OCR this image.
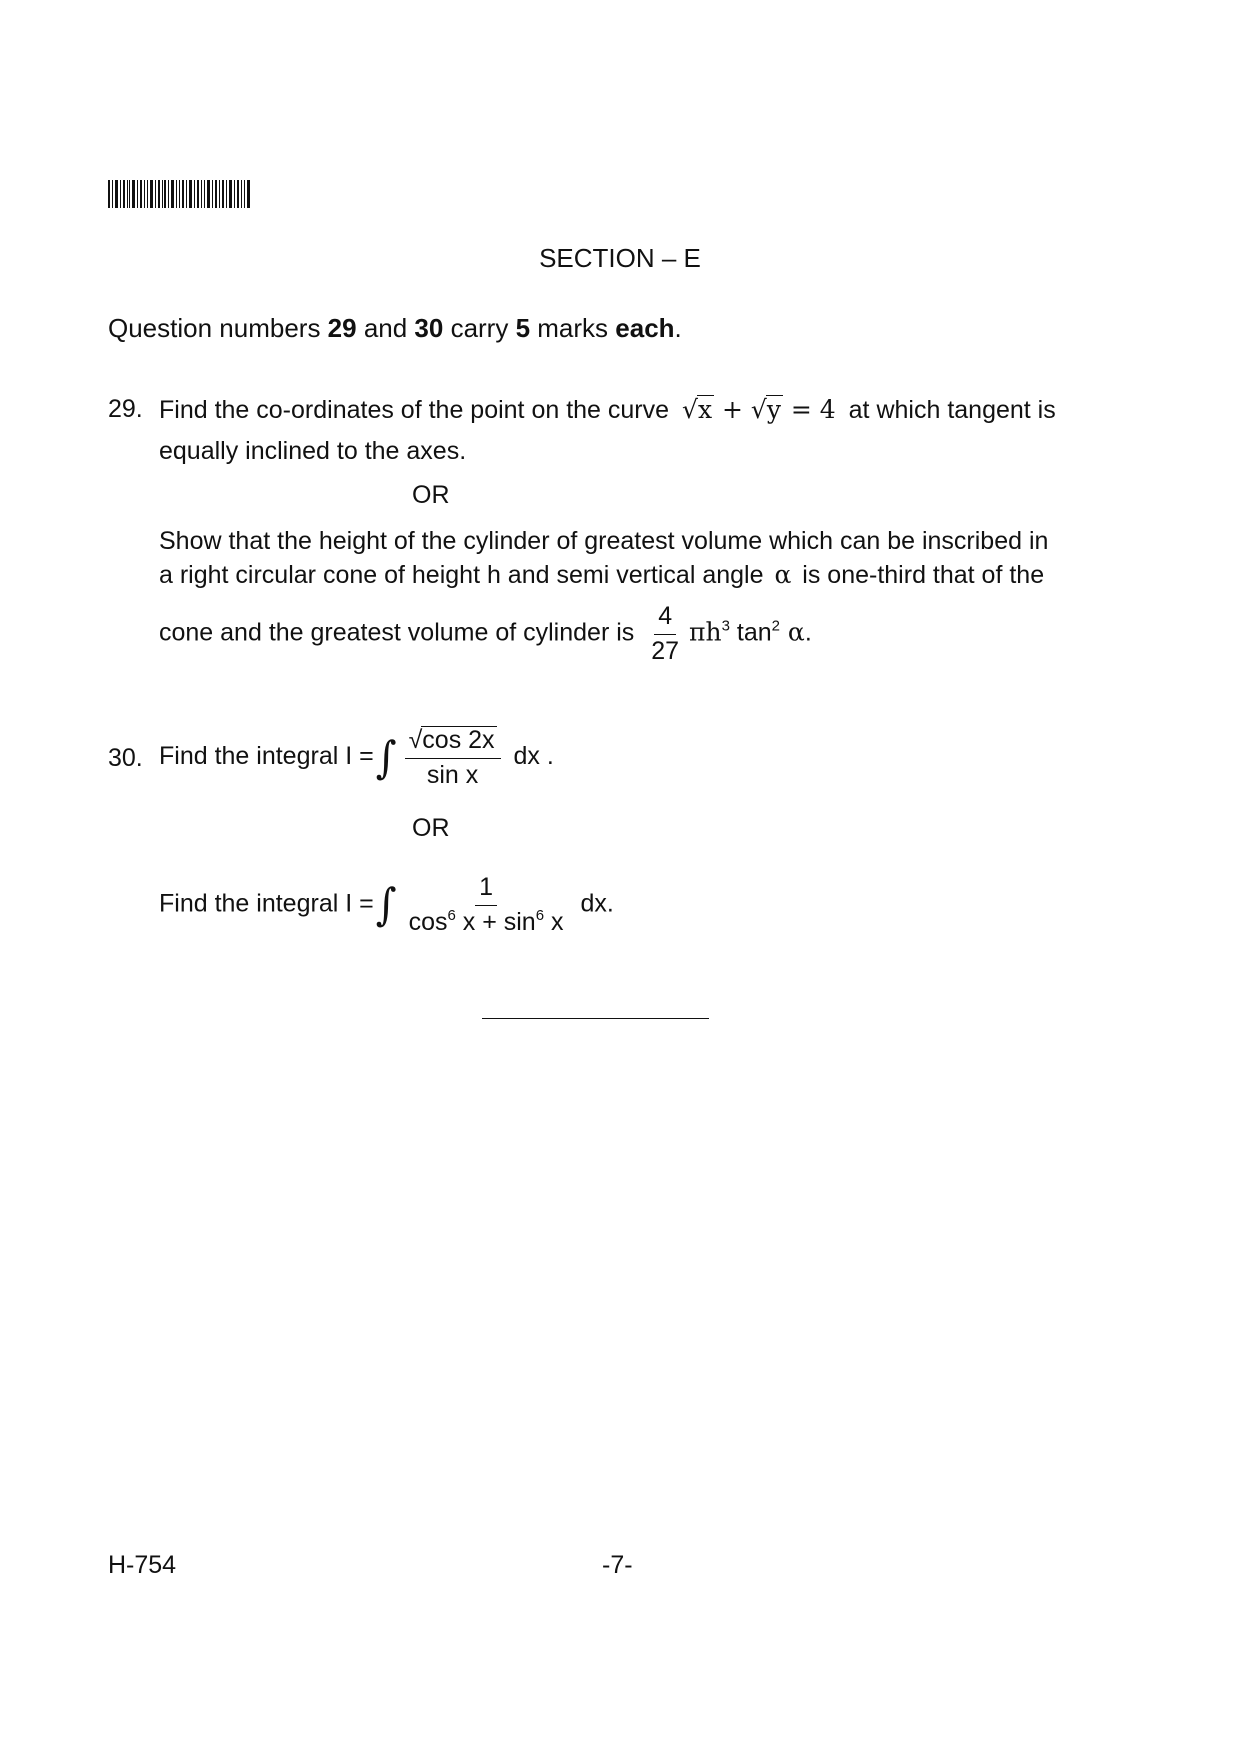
SECTION – E
Question numbers 29 and 30 carry 5 marks each.
29. Find the co-ordinates of the point on the curve √x + √y = 4 at which tangent is
equally inclined to the axes.
OR
Show that the height of the cylinder of greatest volume which can be inscribed in
a right circular cone of height h and semi vertical angle α is one-third that of the
cone and the greatest volume of cylinder is $\frac{4}{27} \pi h^3$ $\tan^2 \alpha$.
30. Find the integral I =∫ $\frac{√\cos 2x}{\text{sin x}}$ dx .
OR
Find the integral I =∫ $\frac{1}{\cos^6 x + \sin^6 x}$ dx.
H-754	-7-
